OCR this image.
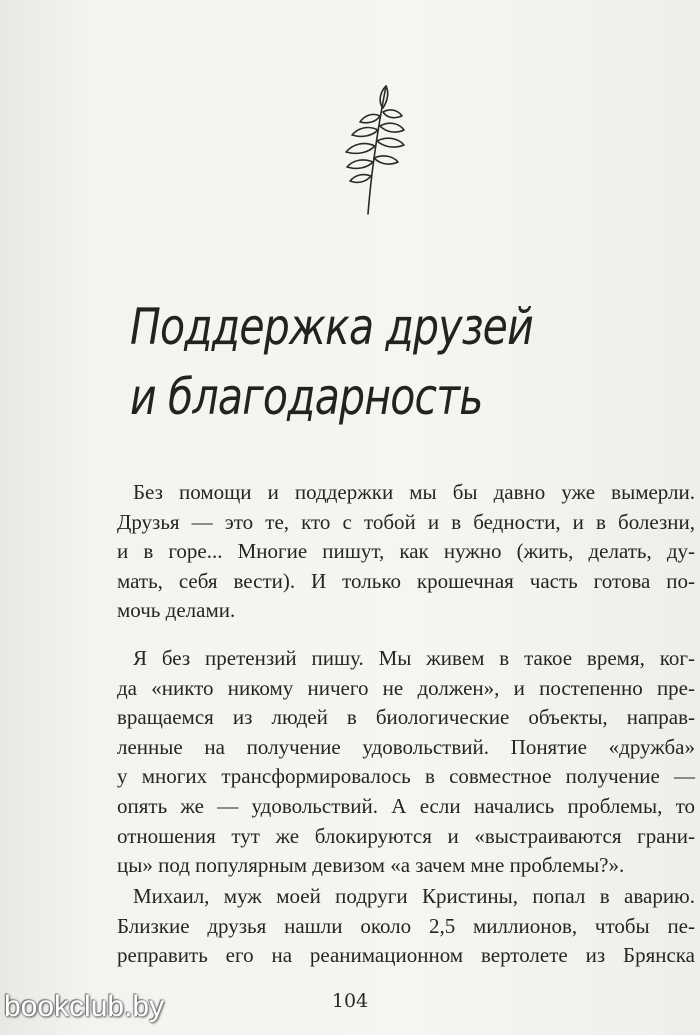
Поддержка друзей
и благодарность
Без помощи и поддержки мы бы давно уже вымерли.
Друзья — это те, кто с тобой и в бедности, и в болезни,
и в горе... Многие пишут, как нужно (жить, делать, ду-
мать, себя вести). И только крошечная часть готова по-
мочь делами.
Я без претензий пишу. Мы живем в такое время, ког-
да «никто никому ничего не должен», и постепенно пре-
вращаемся из людей в биологические объекты, направ-
ленные на получение удовольствий. Понятие «дружба»
у многих трансформировалось в совместное получение —
опять же — удовольствий. А если начались проблемы, то
отношения тут же блокируются и «выстраиваются грани-
цы» под популярным девизом «а зачем мне проблемы?».
Михаил, муж моей подруги Кристины, попал в аварию.
Близкие друзья нашли около 2,5 миллионов, чтобы пе-
реправить его на реанимационном вертолете из Брянска
104
bookclub.by
